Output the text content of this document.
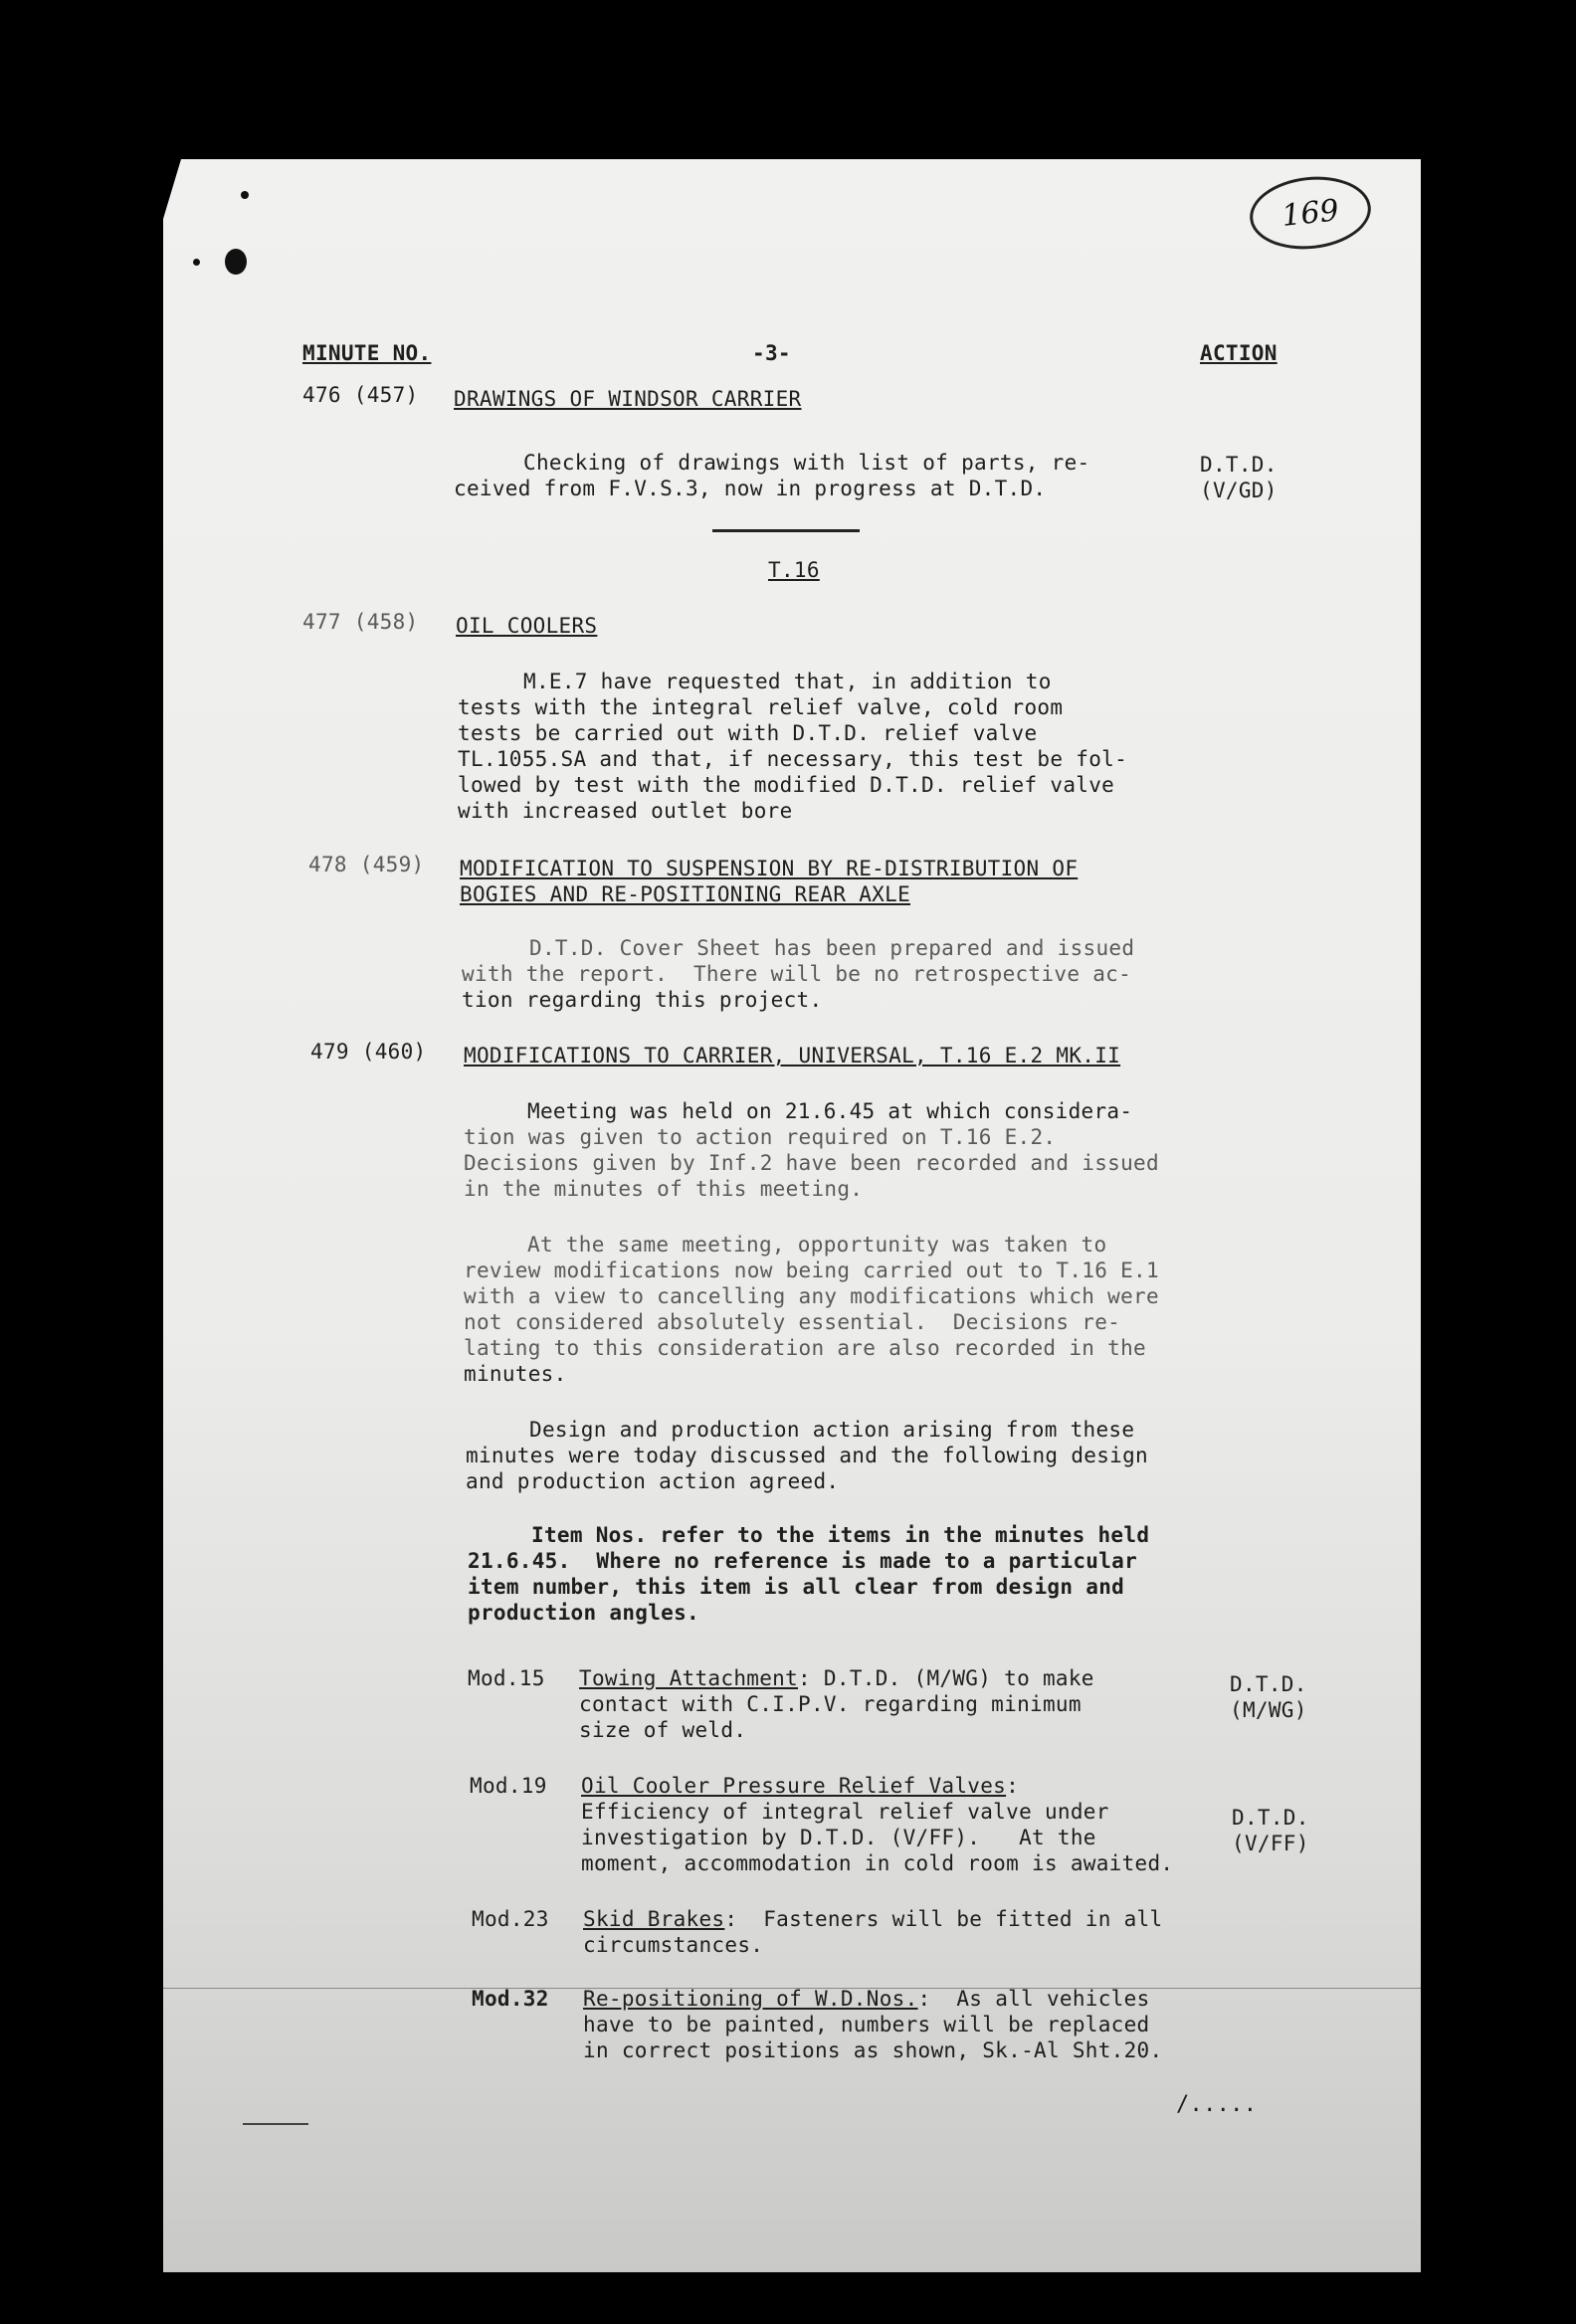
169
MINUTE NO.	-3-	ACTION
476 (457) DRAWINGS OF WINDSOR CARRIER
Checking of drawings with list of parts, re-
ceived from F.V.S.3, now in progress at D.T.D.
D.T.D.
(V/GD)
T.16
477 (458) OIL COOLERS
M.E.7 have requested that, in addition to
tests with the integral relief valve, cold room
tests be carried out with D.T.D. relief valve
TL.1055.SA and that, if necessary, this test be fol-
lowed by test with the modified D.T.D. relief valve
with increased outlet bore
478 (459) MODIFICATION TO SUSPENSION BY RE-DISTRIBUTION OF
BOGIES AND RE-POSITIONING REAR AXLE
D.T.D. Cover Sheet has been prepared and issued
with the report.  There will be no retrospective ac-
tion regarding this project.
479 (460) MODIFICATIONS TO CARRIER, UNIVERSAL, T.16 E.2 MK.II
Meeting was held on 21.6.45 at which considera-
tion was given to action required on T.16 E.2.
Decisions given by Inf.2 have been recorded and issued
in the minutes of this meeting.
At the same meeting, opportunity was taken to
review modifications now being carried out to T.16 E.1
with a view to cancelling any modifications which were
not considered absolutely essential.  Decisions re-
lating to this consideration are also recorded in the
minutes.
Design and production action arising from these
minutes were today discussed and the following design
and production action agreed.
Item Nos. refer to the items in the minutes held
21.6.45.  Where no reference is made to a particular
item number, this item is all clear from design and
production angles.
Mod.15 Towing Attachment: D.T.D. (M/WG) to make
contact with C.I.P.V. regarding minimum
size of weld.
D.T.D.
(M/WG)
Mod.19 Oil Cooler Pressure Relief Valves:
Efficiency of integral relief valve under
investigation by D.T.D. (V/FF).   At the
moment, accommodation in cold room is awaited.
D.T.D.
(V/FF)
Mod.23 Skid Brakes:  Fasteners will be fitted in all
circumstances.
Mod.32 Re-positioning of W.D.Nos.:  As all vehicles
have to be painted, numbers will be replaced
in correct positions as shown, Sk.-Al Sht.20.
/.....
